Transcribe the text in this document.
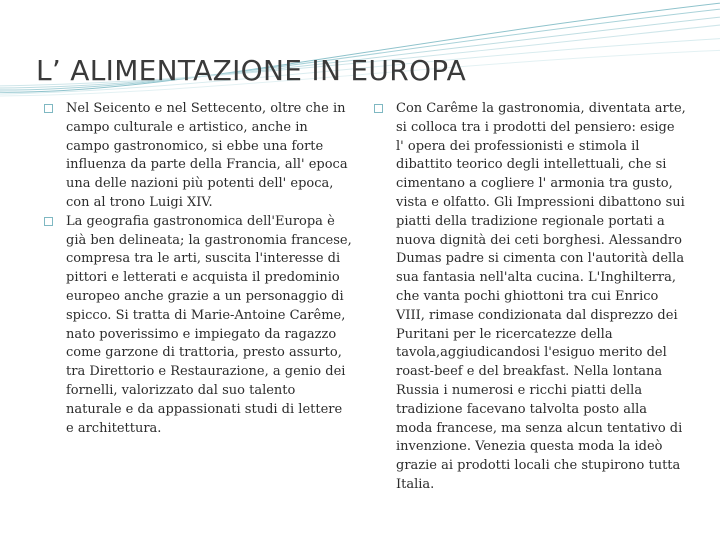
L’ ALIMENTAZIONE IN EUROPA

Nel Seicento e nel Settecento, oltre che in campo culturale e artistico, anche in campo gastronomico, si ebbe una forte influenza da parte della Francia, all' epoca una delle nazioni più potenti dell' epoca, con al trono Luigi XIV.

La geografia gastronomica dell'Europa è già ben delineata; la gastronomia francese, compresa tra le arti, suscita l'interesse di pittori e letterati e acquista il predominio europeo anche grazie a un personaggio di spicco. Si tratta di Marie-Antoine Carême, nato poverissimo e impiegato da ragazzo come garzone di trattoria, presto assurto, tra Direttorio e Restaurazione, a genio dei fornelli, valorizzato dal suo talento naturale e da appassionati studi di lettere e architettura.

Con Carême la gastronomia, diventata arte, si colloca tra i prodotti del pensiero: esige l' opera dei professionisti e stimola il dibattito teorico degli intellettuali, che si cimentano a cogliere l' armonia tra gusto, vista e olfatto. Gli Impressioni dibattono sui piatti della tradizione regionale portati a nuova dignità dei ceti borghesi. Alessandro Dumas padre si cimenta con l'autorità della sua fantasia nell'alta cucina. L'Inghilterra, che vanta pochi ghiottoni tra cui Enrico VIII, rimase condizionata dal disprezzo dei Puritani per le ricercatezze della tavola,aggiudicandosi l'esiguo merito del roast-beef e del breakfast. Nella lontana Russia i numerosi e ricchi piatti della tradizione facevano talvolta posto alla moda francese, ma senza alcun tentativo di invenzione. Venezia questa moda la ideò grazie ai prodotti locali che stupirono tutta Italia.
